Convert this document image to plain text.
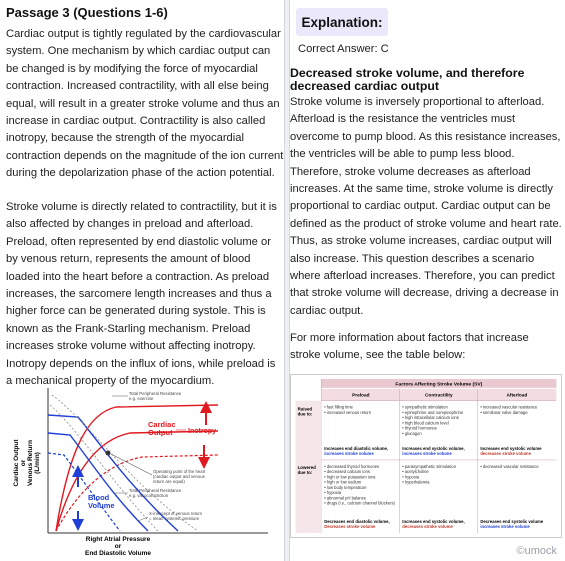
Passage 3 (Questions 1-6)
Cardiac output is tightly regulated by the cardiovascular system. One mechanism by which cardiac output can be changed is by modifying the force of myocardial contraction. Increased contractility, with all else being equal, will result in a greater stroke volume and thus an increase in cardiac output. Contractility is also called inotropy, because the strength of the myocardial contraction depends on the magnitude of the ion current during the depolarization phase of the action potential.
Stroke volume is directly related to contractility, but it is also affected by changes in preload and afterload. Preload, often represented by end diastolic volume or by venous return, represents the amount of blood loaded into the heart before a contraction. As preload increases, the sarcomere length increases and thus a higher force can be generated during systole. This is known as the Frank-Starling mechanism. Preload increases stroke volume without affecting inotropy. Inotropy depends on the influx of ions, while preload is a mechanical property of the myocardium.
Cardiac Output or Venous Return (L/min)
Right Atrial Pressure
or
End Diastolic Volume
Total Peripheral Resistance
e.g. exercise
Cardiac
Output Inotropy
Operating point of the heart
(cardiac output and venous
return are equal)
Total Peripheral Resistance
e.g. vasoconstriction
Blood
Volume
X-intercept of venous return
= mean systemic pressure
Explanation:
Correct Answer: C
Decreased stroke volume, and therefore decreased cardiac output
Stroke volume is inversely proportional to afterload. Afterload is the resistance the ventricles must overcome to pump blood. As this resistance increases, the ventricles will be able to pump less blood. Therefore, stroke volume decreases as afterload increases. At the same time, stroke volume is directly proportional to cardiac output. Cardiac output can be defined as the product of stroke volume and heart rate. Thus, as stroke volume increases, cardiac output will also increase. This question describes a scenario where afterload increases. Therefore, you can predict that stroke volume will decrease, driving a decrease in cardiac output.
For more information about factors that increase stroke volume, see the table below:
Factors Affecting Stroke Volume (SV)
Preload	Contractility	Afterload
Raised
due to:
Lowered
due to:
• fast filling time
• increased venous return
• sympathetic stimulation
• epinephrine and norepinephrine
• high intracellular calcium ions
• high blood calcium level
• thyroid hormones
• glucagon
• increased vascular resistance
• semilunar valve damage
• decreased thyroid hormones
• decreased calcium ions
• high or low potassium ions
• high or low sodium
• low body temperature
• hypoxia
• abnormal pH balance
• drugs (i.e., calcium channel blockers)
• parasympathetic stimulation
• acetylcholine
• hypoxia
• hyperkalemia
• decreased vascular resistance
Increases end diastolic volume,
increases stroke volume
Increases end systolic volume,
increases stroke volume
Increases end systolic volume
decreases stroke volume
Decreases end diastolic volume,
Decreases stroke volume
Increases end systolic volume,
decreases stroke volume
Decreases end systolic volume
increases stroke volume
©umock
